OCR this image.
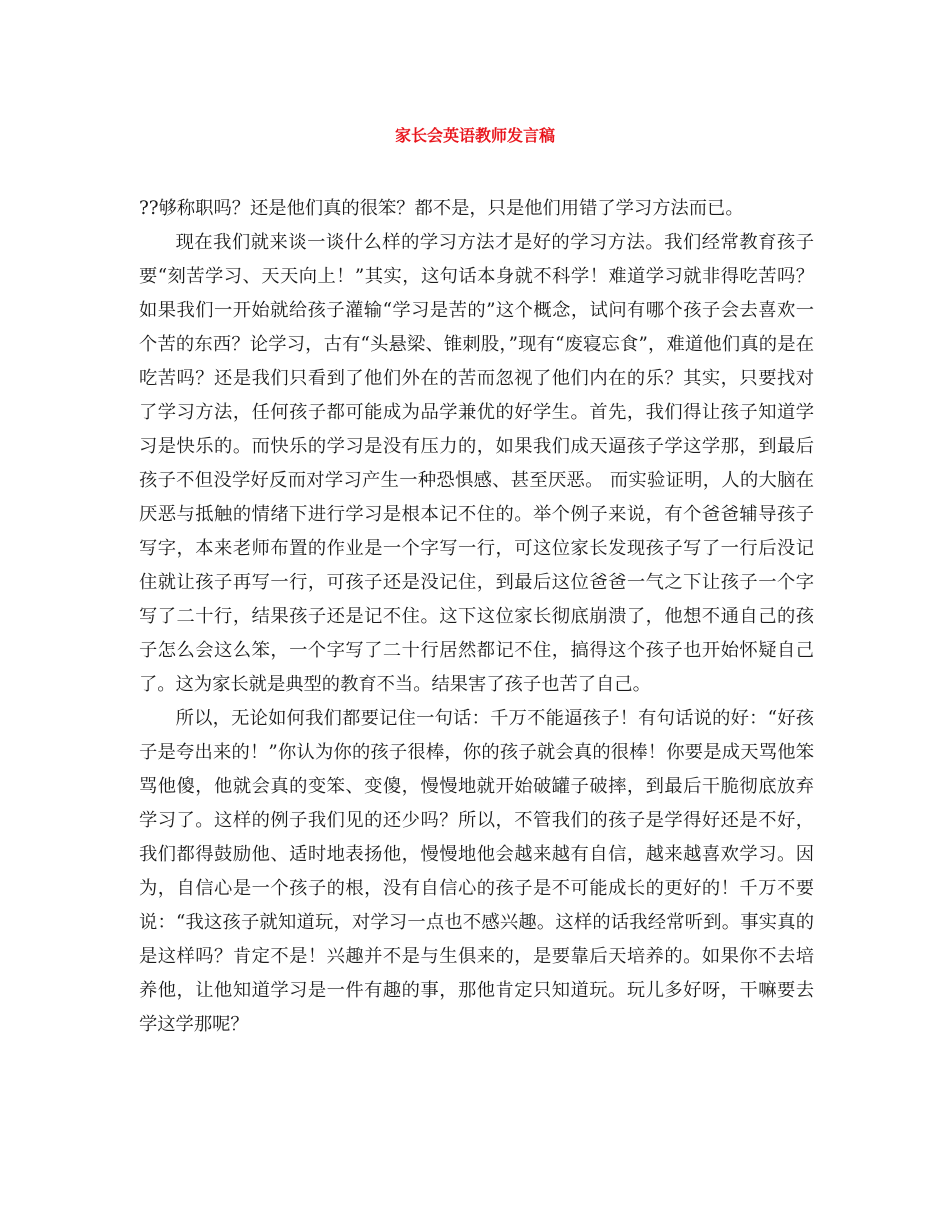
家长会英语教师发言稿

??够称职吗？还是他们真的很笨？都不是，只是他们用错了学习方法而已。

现在我们就来谈一谈什么样的学习方法才是好的学习方法。我们经常教育孩子要“刻苦学习、天天向上！”其实，这句话本身就不科学！难道学习就非得吃苦吗？如果我们一开始就给孩子灌输“学习是苦的”这个概念，试问有哪个孩子会去喜欢一个苦的东西？论学习，古有“头悬梁、锥刺股，”现有“废寝忘食”，难道他们真的是在吃苦吗？还是我们只看到了他们外在的苦而忽视了他们内在的乐？其实，只要找对了学习方法，任何孩子都可能成为品学兼优的好学生。首先，我们得让孩子知道学习是快乐的。而快乐的学习是没有压力的，如果我们成天逼孩子学这学那，到最后孩子不但没学好反而对学习产生一种恐惧感、甚至厌恶。 而实验证明，人的大脑在厌恶与抵触的情绪下进行学习是根本记不住的。举个例子来说，有个爸爸辅导孩子写字，本来老师布置的作业是一个字写一行，可这位家长发现孩子写了一行后没记住就让孩子再写一行，可孩子还是没记住，到最后这位爸爸一气之下让孩子一个字写了二十行，结果孩子还是记不住。这下这位家长彻底崩溃了，他想不通自己的孩子怎么会这么笨，一个字写了二十行居然都记不住，搞得这个孩子也开始怀疑自己了。这为家长就是典型的教育不当。结果害了孩子也苦了自己。

所以，无论如何我们都要记住一句话：千万不能逼孩子！有句话说的好：“好孩子是夸出来的！”你认为你的孩子很棒，你的孩子就会真的很棒！你要是成天骂他笨骂他傻，他就会真的变笨、变傻，慢慢地就开始破罐子破摔，到最后干脆彻底放弃学习了。这样的例子我们见的还少吗？所以，不管我们的孩子是学得好还是不好，我们都得鼓励他、适时地表扬他，慢慢地他会越来越有自信，越来越喜欢学习。因为，自信心是一个孩子的根，没有自信心的孩子是不可能成长的更好的！千万不要说：“我这孩子就知道玩，对学习一点也不感兴趣。这样的话我经常听到。事实真的是这样吗？肯定不是！兴趣并不是与生俱来的，是要靠后天培养的。如果你不去培养他，让他知道学习是一件有趣的事，那他肯定只知道玩。玩儿多好呀，干嘛要去学这学那呢？
